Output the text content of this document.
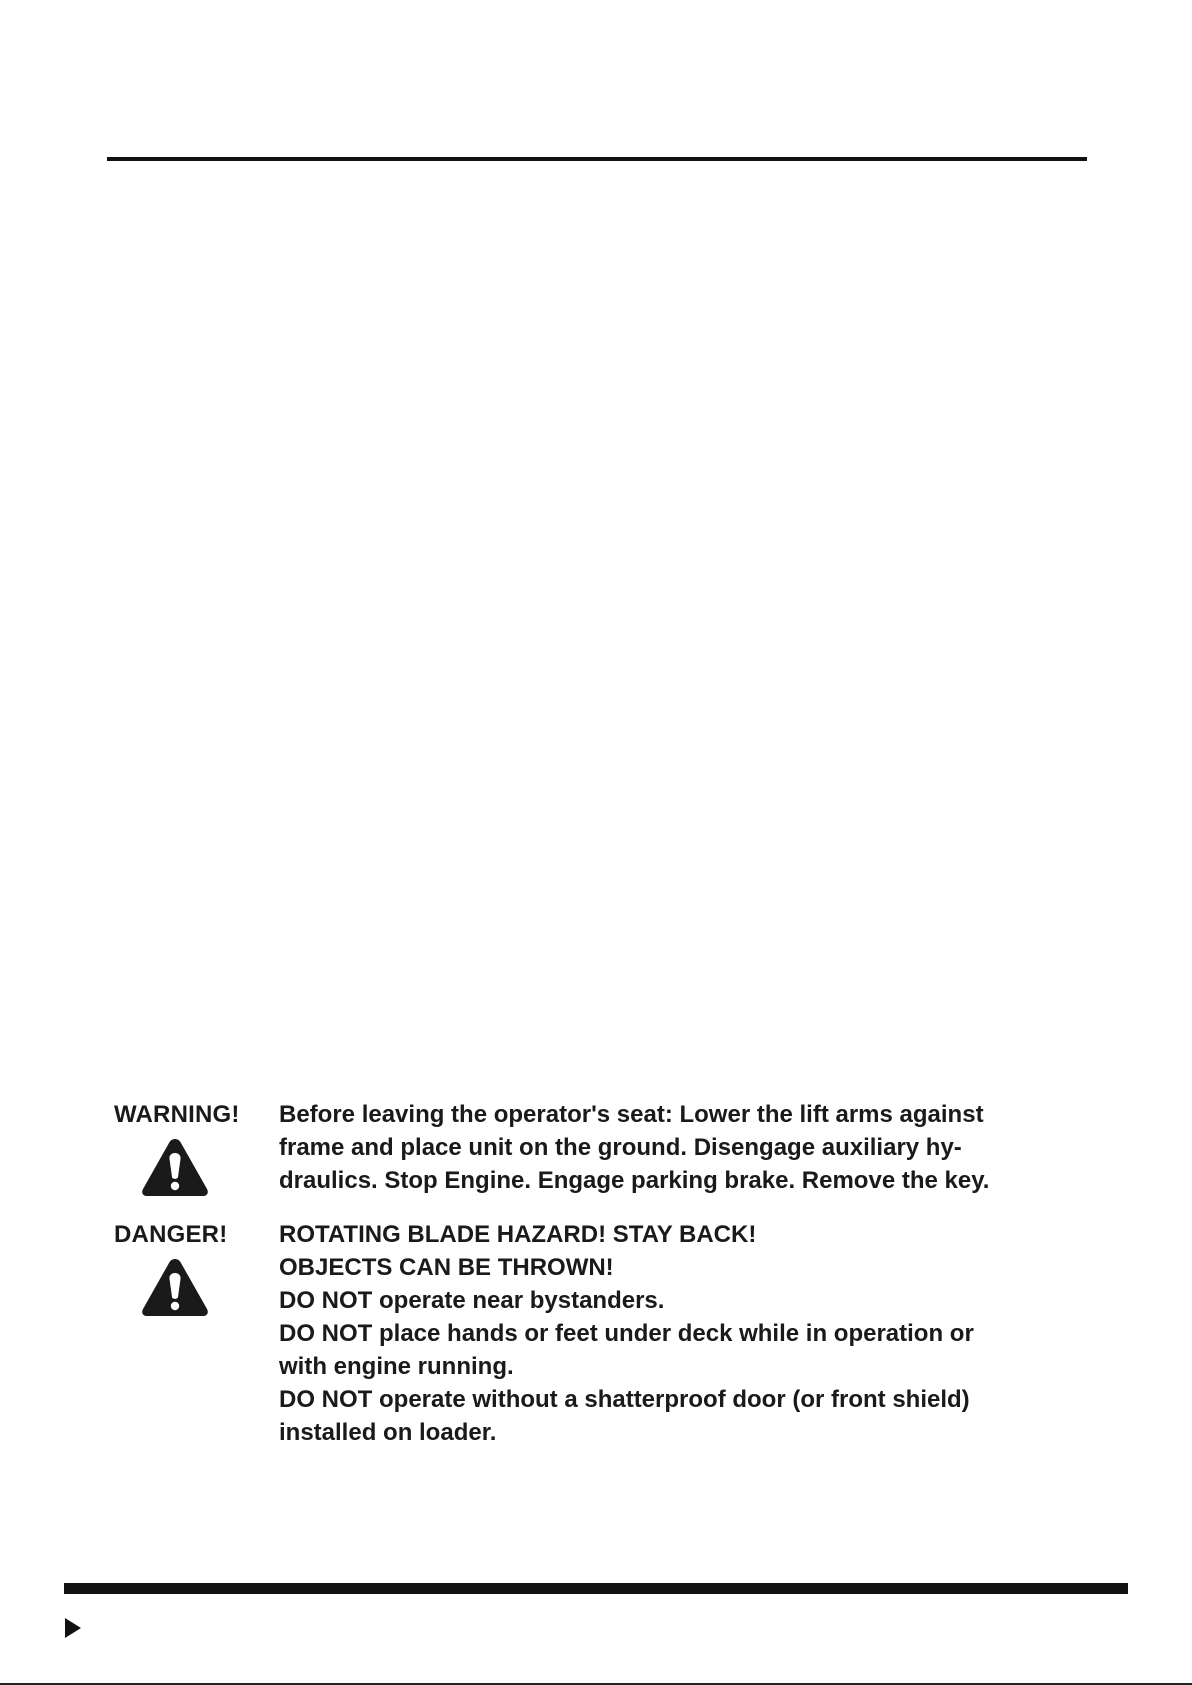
WARNING! Before leaving the operator's seat: Lower the lift arms against
frame and place unit on the ground. Disengage auxiliary hy-
draulics. Stop Engine. Engage parking brake. Remove the key.
DANGER! ROTATING BLADE HAZARD! STAY BACK!
OBJECTS CAN BE THROWN!
DO NOT operate near bystanders.
DO NOT place hands or feet under deck while in operation or
with engine running.
DO NOT operate without a shatterproof door (or front shield)
installed on loader.
